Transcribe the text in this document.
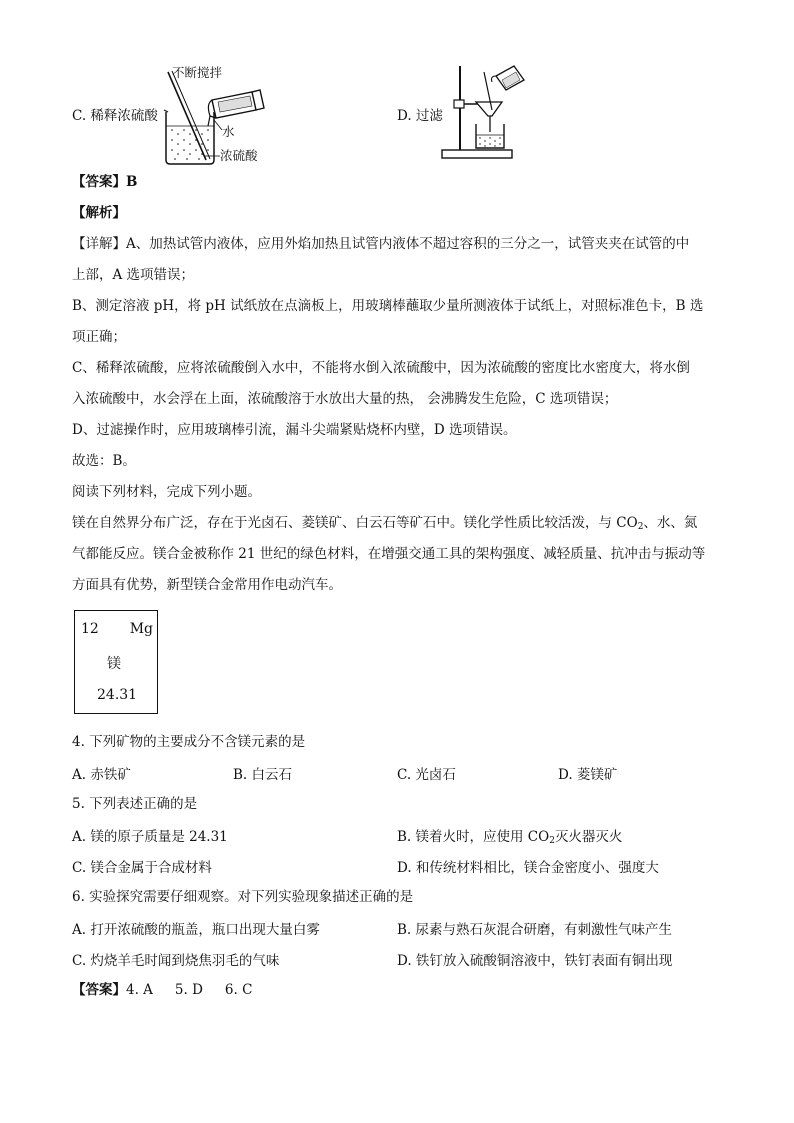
C. 稀释浓硫酸
不断搅拌
水
浓硫酸
D. 过滤
【答案】B
【解析】
【详解】A、加热试管内液体，应用外焰加热且试管内液体不超过容积的三分之一，试管夹夹在试管的中
上部，A 选项错误；
B、测定溶液 pH，将 pH 试纸放在点滴板上，用玻璃棒蘸取少量所测液体于试纸上，对照标准色卡，B 选
项正确；
C、稀释浓硫酸，应将浓硫酸倒入水中，不能将水倒入浓硫酸中，因为浓硫酸的密度比水密度大，将水倒
入浓硫酸中，水会浮在上面，浓硫酸溶于水放出大量的热， 会沸腾发生危险，C 选项错误；
D、过滤操作时，应用玻璃棒引流，漏斗尖端紧贴烧杯内壁，D 选项错误。
故选：B。
阅读下列材料，完成下列小题。
镁在自然界分布广泛，存在于光卤石、菱镁矿、白云石等矿石中。镁化学性质比较活泼，与 $CO_2$、水、氮
气都能反应。镁合金被称作 21 世纪的绿色材料，在增强交通工具的架构强度、减轻质量、抗冲击与振动等
方面具有优势，新型镁合金常用作电动汽车。
12 Mg
镁
24.31
4. 下列矿物的主要成分不含镁元素的是
A. 赤铁矿	B. 白云石	C. 光卤石	D. 菱镁矿
5. 下列表述正确的是
A. 镁的原子质量是 24.31	B. 镁着火时，应使用 $CO_2$灭火器灭火
C. 镁合金属于合成材料	D. 和传统材料相比，镁合金密度小、强度大
6. 实验探究需要仔细观察。对下列实验现象描述正确的是
A. 打开浓硫酸的瓶盖，瓶口出现大量白雾	B. 尿素与熟石灰混合研磨，有刺激性气味产生
C. 灼烧羊毛时闻到烧焦羽毛的气味	D. 铁钉放入硫酸铜溶液中，铁钉表面有铜出现
【答案】4. A 5. D 6. C
